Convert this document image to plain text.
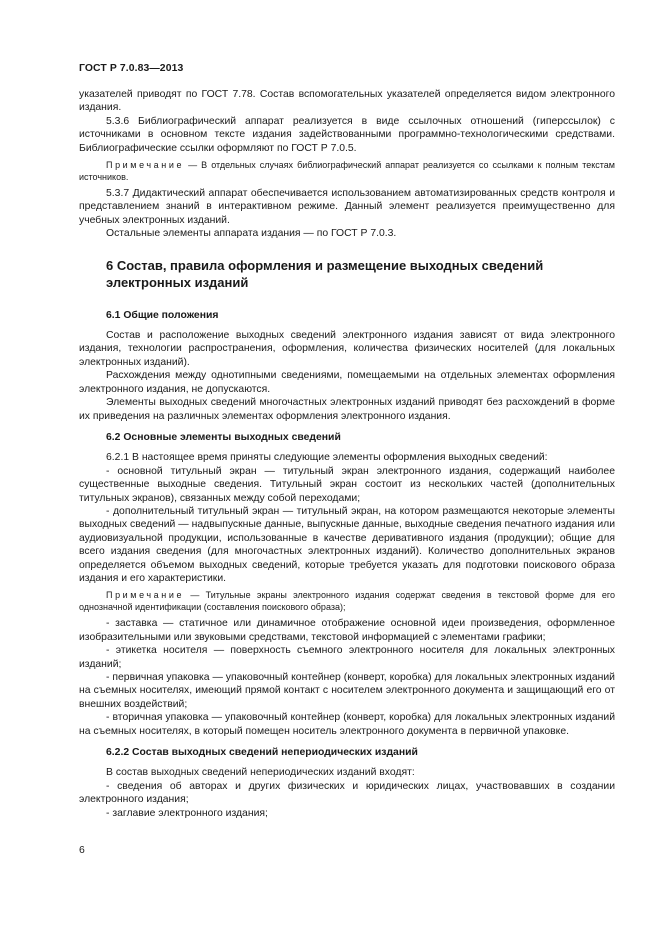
ГОСТ Р 7.0.83—2013

указателей приводят по ГОСТ 7.78. Состав вспомогательных указателей определяется видом электронного издания.

5.3.6 Библиографический аппарат реализуется в виде ссылочных отношений (гиперссылок) с источниками в основном тексте издания задействованными программно-технологическими средствами. Библиографические ссылки оформляют по ГОСТ Р 7.0.5.

Примечание — В отдельных случаях библиографический аппарат реализуется со ссылками к полным текстам источников.

5.3.7 Дидактический аппарат обеспечивается использованием автоматизированных средств контроля и представлением знаний в интерактивном режиме. Данный элемент реализуется преимущественно для учебных электронных изданий.

Остальные элементы аппарата издания — по ГОСТ Р 7.0.3.

6 Состав, правила оформления и размещение выходных сведений электронных изданий
6.1 Общие положения

Состав и расположение выходных сведений электронного издания зависят от вида электронного издания, технологии распространения, оформления, количества физических носителей (для локальных электронных изданий).

Расхождения между однотипными сведениями, помещаемыми на отдельных элементах оформления электронного издания, не допускаются.

Элементы выходных сведений многочастных электронных изданий приводят без расхождений в форме их приведения на различных элементах оформления электронного издания.

6.2 Основные элементы выходных сведений

6.2.1 В настоящее время приняты следующие элементы оформления выходных сведений:

- основной титульный экран — титульный экран электронного издания, содержащий наиболее существенные выходные сведения. Титульный экран состоит из нескольких частей (дополнительных титульных экранов), связанных между собой переходами;

- дополнительный титульный экран — титульный экран, на котором размещаются некоторые элементы выходных сведений — надвыпускные данные, выпускные данные, выходные сведения печатного издания или аудиовизуальной продукции, использованные в качестве деривативного издания (продукции); общие для всего издания сведения (для многочастных электронных изданий). Количество дополнительных экранов определяется объемом выходных сведений, которые требуется указать для подготовки поискового образа издания и его характеристики.

Примечание — Титульные экраны электронного издания содержат сведения в текстовой форме для его однозначной идентификации (составления поискового образа);

- заставка — статичное или динамичное отображение основной идеи произведения, оформленное изобразительными или звуковыми средствами, текстовой информацией с элементами графики;

- этикетка носителя — поверхность съемного электронного носителя для локальных электронных изданий;

- первичная упаковка — упаковочный контейнер (конверт, коробка) для локальных электронных изданий на съемных носителях, имеющий прямой контакт с носителем электронного документа и защищающий его от внешних воздействий;

- вторичная упаковка — упаковочный контейнер (конверт, коробка) для локальных электронных изданий на съемных носителях, в который помещен носитель электронного документа в первичной упаковке.

6.2.2 Состав выходных сведений непериодических изданий

В состав выходных сведений непериодических изданий входят:

- сведения об авторах и других физических и юридических лицах, участвовавших в создании электронного издания;

- заглавие электронного издания;

6
